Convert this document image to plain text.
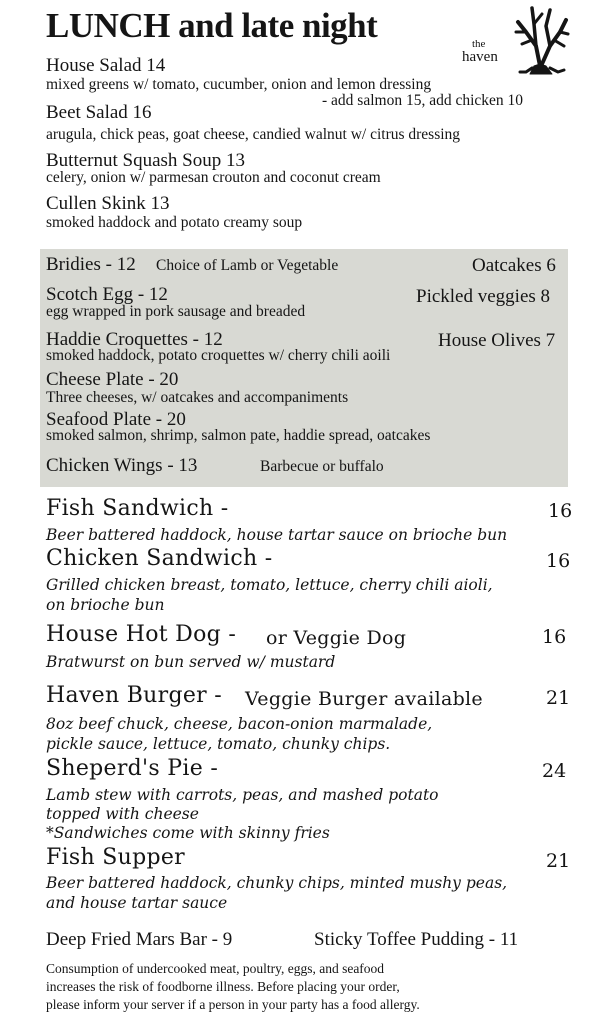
LUNCH and late night	the
haven
House Salad 14
mixed greens w/ tomato, cucumber, onion and lemon dressing
- add salmon 15, add chicken 10
Beet Salad 16
arugula, chick peas, goat cheese, candied walnut w/ citrus dressing
Butternut Squash Soup 13
celery, onion w/ parmesan crouton and coconut cream
Cullen Skink 13
smoked haddock and potato creamy soup
Bridies - 12 Choice of Lamb or Vegetable	Oatcakes 6
Scotch Egg - 12	Pickled veggies 8
egg wrapped in pork sausage and breaded
Haddie Croquettes - 12	House Olives 7
smoked haddock, potato croquettes w/ cherry chili aoili
Cheese Plate - 20
Three cheeses, w/ oatcakes and accompaniments
Seafood Plate - 20
smoked salmon, shrimp, salmon pate, haddie spread, oatcakes
Chicken Wings - 13	Barbecue or buffalo
Fish Sandwich -	16
Beer battered haddock, house tartar sauce on brioche bun
Chicken Sandwich -	16
Grilled chicken breast, tomato, lettuce, cherry chili aioli,
on brioche bun
House Hot Dog - or Veggie Dog	16
Bratwurst on bun served w/ mustard
Haven Burger - Veggie Burger available	21
8oz beef chuck, cheese, bacon-onion marmalade,
pickle sauce, lettuce, tomato, chunky chips.
Sheperd's Pie -	24
Lamb stew with carrots, peas, and mashed potato
topped with cheese
*Sandwiches come with skinny fries
Fish Supper	21
Beer battered haddock, chunky chips, minted mushy peas,
and house tartar sauce
Deep Fried Mars Bar - 9	Sticky Toffee Pudding - 11
Consumption of undercooked meat, poultry, eggs, and seafood
increases the risk of foodborne illness. Before placing your order,
please inform your server if a person in your party has a food allergy.
